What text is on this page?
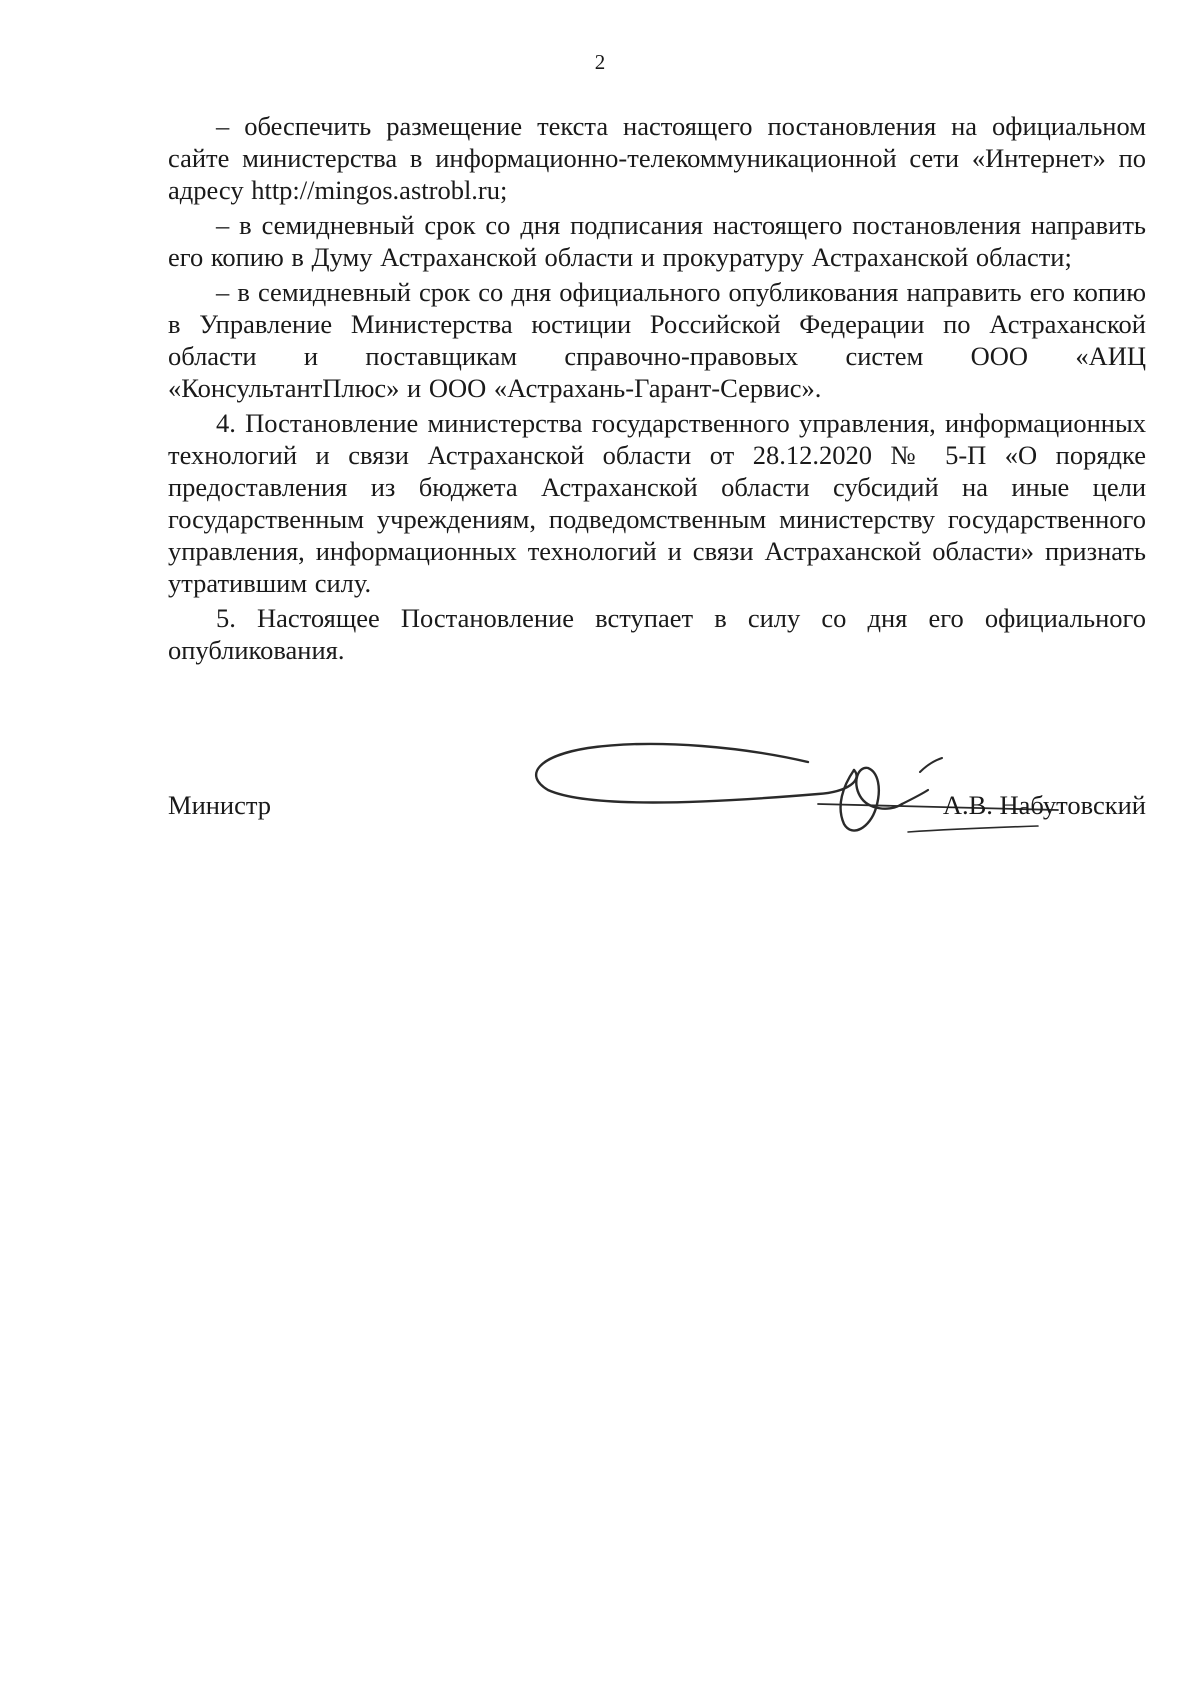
2

– обеспечить размещение текста настоящего постановления на официальном сайте министерства в информационно-телекоммуникационной сети «Интернет» по адресу http://mingos.astrobl.ru;

– в семидневный срок со дня подписания настоящего постановления направить его копию в Думу Астраханской области и прокуратуру Астраханской области;

– в семидневный срок со дня официального опубликования направить его копию в Управление Министерства юстиции Российской Федерации по Астраханской области и поставщикам справочно-правовых систем ООО «АИЦ «КонсультантПлюс» и ООО «Астрахань-Гарант-Сервис».

4. Постановление министерства государственного управления, информационных технологий и связи Астраханской области от 28.12.2020 № 5-П «О порядке предоставления из бюджета Астраханской области субсидий на иные цели государственным учреждениям, подведомственным министерству государственного управления, информационных технологий и связи Астраханской области» признать утратившим силу.

5. Настоящее Постановление вступает в силу со дня его официального опубликования.

Министр	А.В. Набутовский
